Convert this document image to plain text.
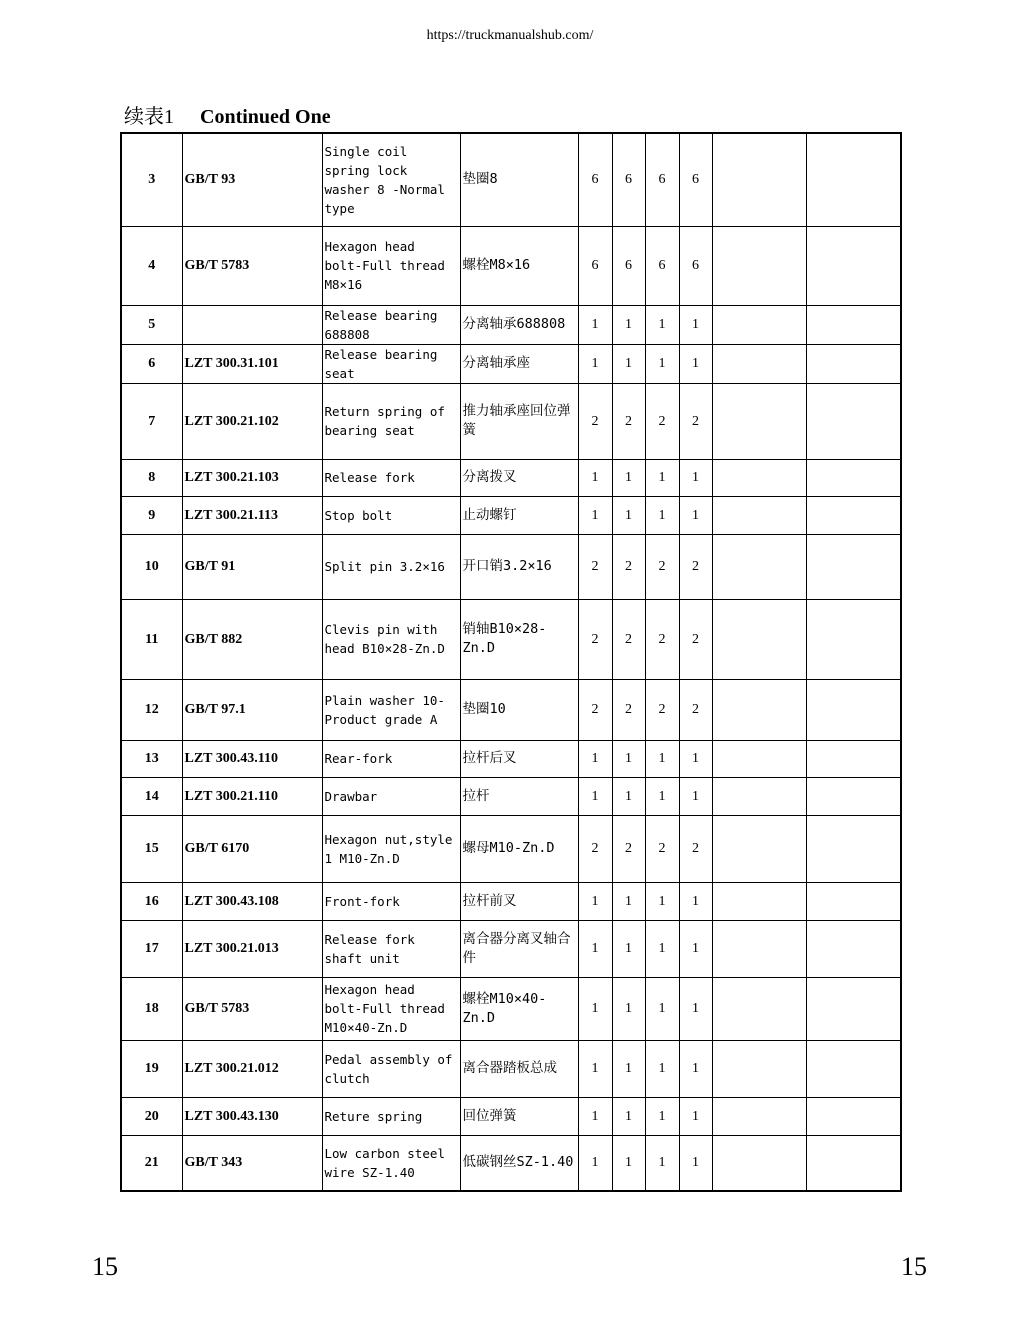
https://truckmanualshub.com/
续表1 Continued One
3	GB/T 93	Single coil spring lock washer 8 -Normal type	垫圈8	6	6	6	6		
4	GB/T 5783	Hexagon head bolt-Full thread M8×16	螺栓M8×16	6	6	6	6		
5		Release bearing 688808	分离轴承688808	1	1	1	1		
6	LZT 300.31.101	Release bearing seat	分离轴承座	1	1	1	1		
7	LZT 300.21.102	Return spring of bearing seat	推力轴承座回位弹簧	2	2	2	2		
8	LZT 300.21.103	Release fork	分离拨叉	1	1	1	1		
9	LZT 300.21.113	Stop bolt	止动螺钉	1	1	1	1		
10	GB/T 91	Split pin 3.2×16	开口销3.2×16	2	2	2	2		
11	GB/T 882	Clevis pin with head B10×28-Zn.D	销轴B10×28-Zn.D	2	2	2	2		
12	GB/T 97.1	Plain washer 10-Product grade A	垫圈10	2	2	2	2		
13	LZT 300.43.110	Rear-fork	拉杆后叉	1	1	1	1		
14	LZT 300.21.110	Drawbar	拉杆	1	1	1	1		
15	GB/T 6170	Hexagon nut,style 1 M10-Zn.D	螺母M10-Zn.D	2	2	2	2		
16	LZT 300.43.108	Front-fork	拉杆前叉	1	1	1	1		
17	LZT 300.21.013	Release fork shaft unit	离合器分离叉轴合件	1	1	1	1		
18	GB/T 5783	Hexagon head bolt-Full thread M10×40-Zn.D	螺栓M10×40-Zn.D	1	1	1	1		
19	LZT 300.21.012	Pedal assembly of clutch	离合器踏板总成	1	1	1	1		
20	LZT 300.43.130	Reture spring	回位弹簧	1	1	1	1		
21	GB/T 343	Low carbon steel wire SZ-1.40	低碳钢丝SZ-1.40	1	1	1	1		
15	15
